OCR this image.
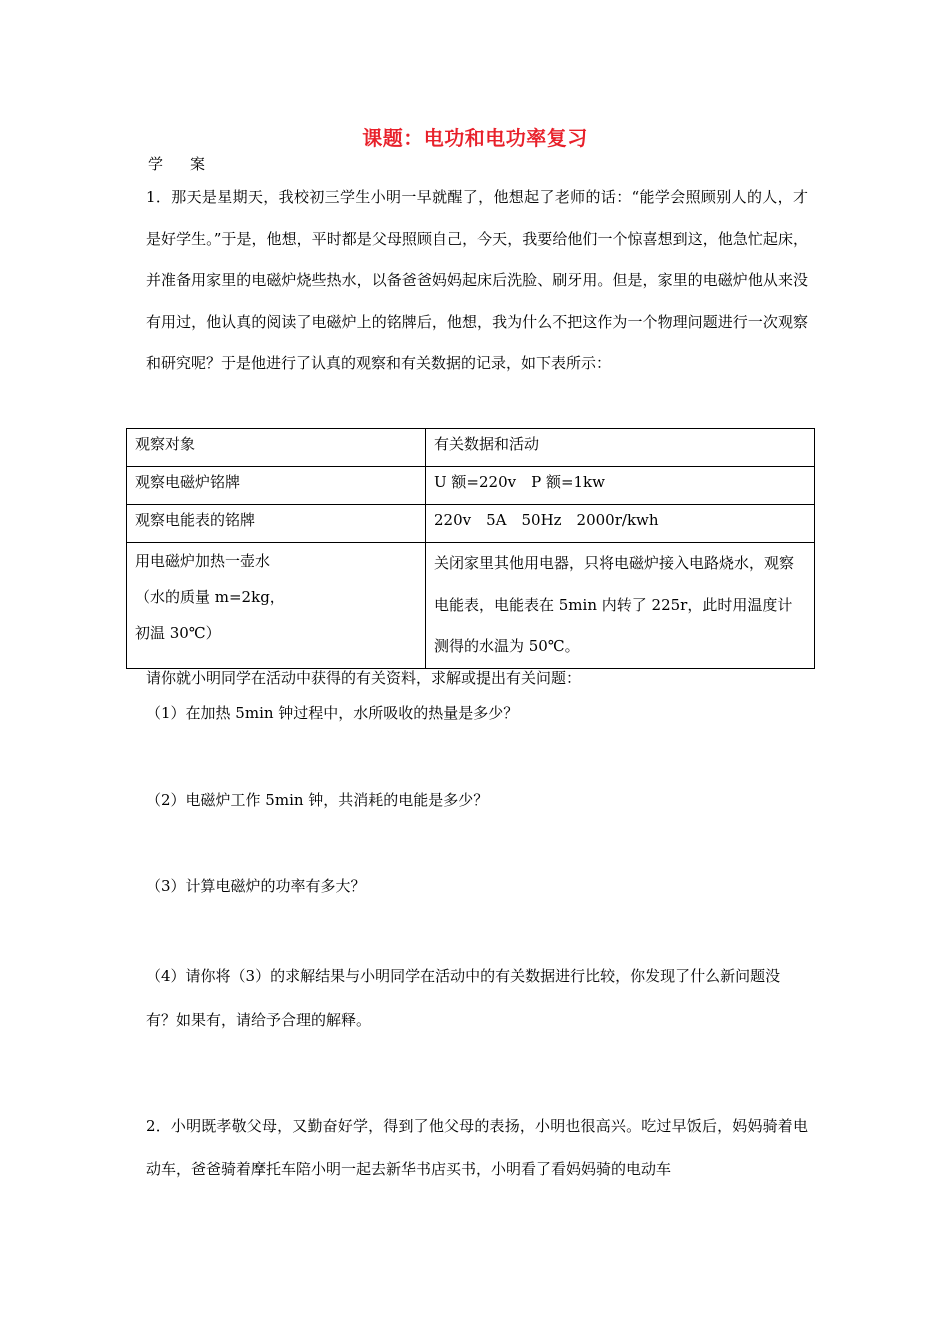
课题：电功和电功率复习
学　案
1．那天是星期天，我校初三学生小明一早就醒了，他想起了老师的话：“能学会照顾别人的人，才是好学生。”于是，他想，平时都是父母照顾自己，今天，我要给他们一个惊喜想到这，他急忙起床，并准备用家里的电磁炉烧些热水，以备爸爸妈妈起床后洗脸、刷牙用。但是，家里的电磁炉他从来没有用过，他认真的阅读了电磁炉上的铭牌后，他想，我为什么不把这作为一个物理问题进行一次观察和研究呢？于是他进行了认真的观察和有关数据的记录，如下表所示：
观察对象	有关数据和活动
观察电磁炉铭牌	U 额=220v　P 额=1kw
观察电能表的铭牌	220v　5A　50Hz　2000r/kwh

用电磁炉加热一壶水
（水的质量 m=2kg，
初温 30℃）	关闭家里其他用电器，只将电磁炉接入电路烧水，观察电能表，电能表在 5min 内转了 225r，此时用温度计测得的水温为 50℃。
请你就小明同学在活动中获得的有关资料，求解或提出有关问题：
（1）在加热 5min 钟过程中，水所吸收的热量是多少？
（2）电磁炉工作 5min 钟，共消耗的电能是多少？
（3）计算电磁炉的功率有多大？
（4）请你将（3）的求解结果与小明同学在活动中的有关数据进行比较，你发现了什么新问题没有？如果有，请给予合理的解释。
2．小明既孝敬父母，又勤奋好学，得到了他父母的表扬，小明也很高兴。吃过早饭后，妈妈骑着电动车，爸爸骑着摩托车陪小明一起去新华书店买书，小明看了看妈妈骑的电动车
